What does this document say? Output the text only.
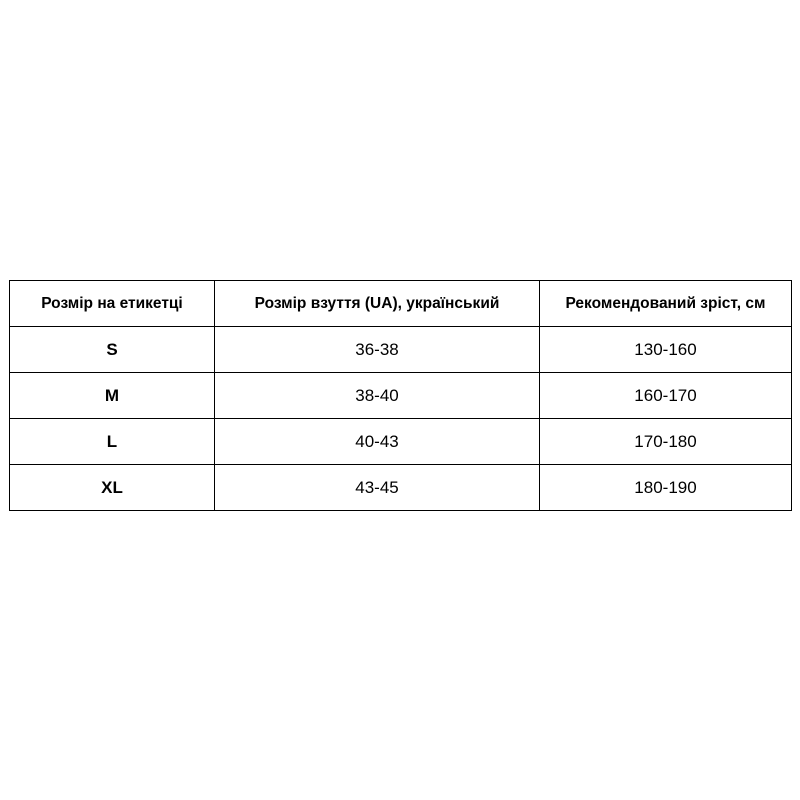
Розмір на етикетці	Розмір взуття (UA), український	Рекомендований зріст, см
S	36-38	130-160
M	38-40	160-170
L	40-43	170-180
XL	43-45	180-190
